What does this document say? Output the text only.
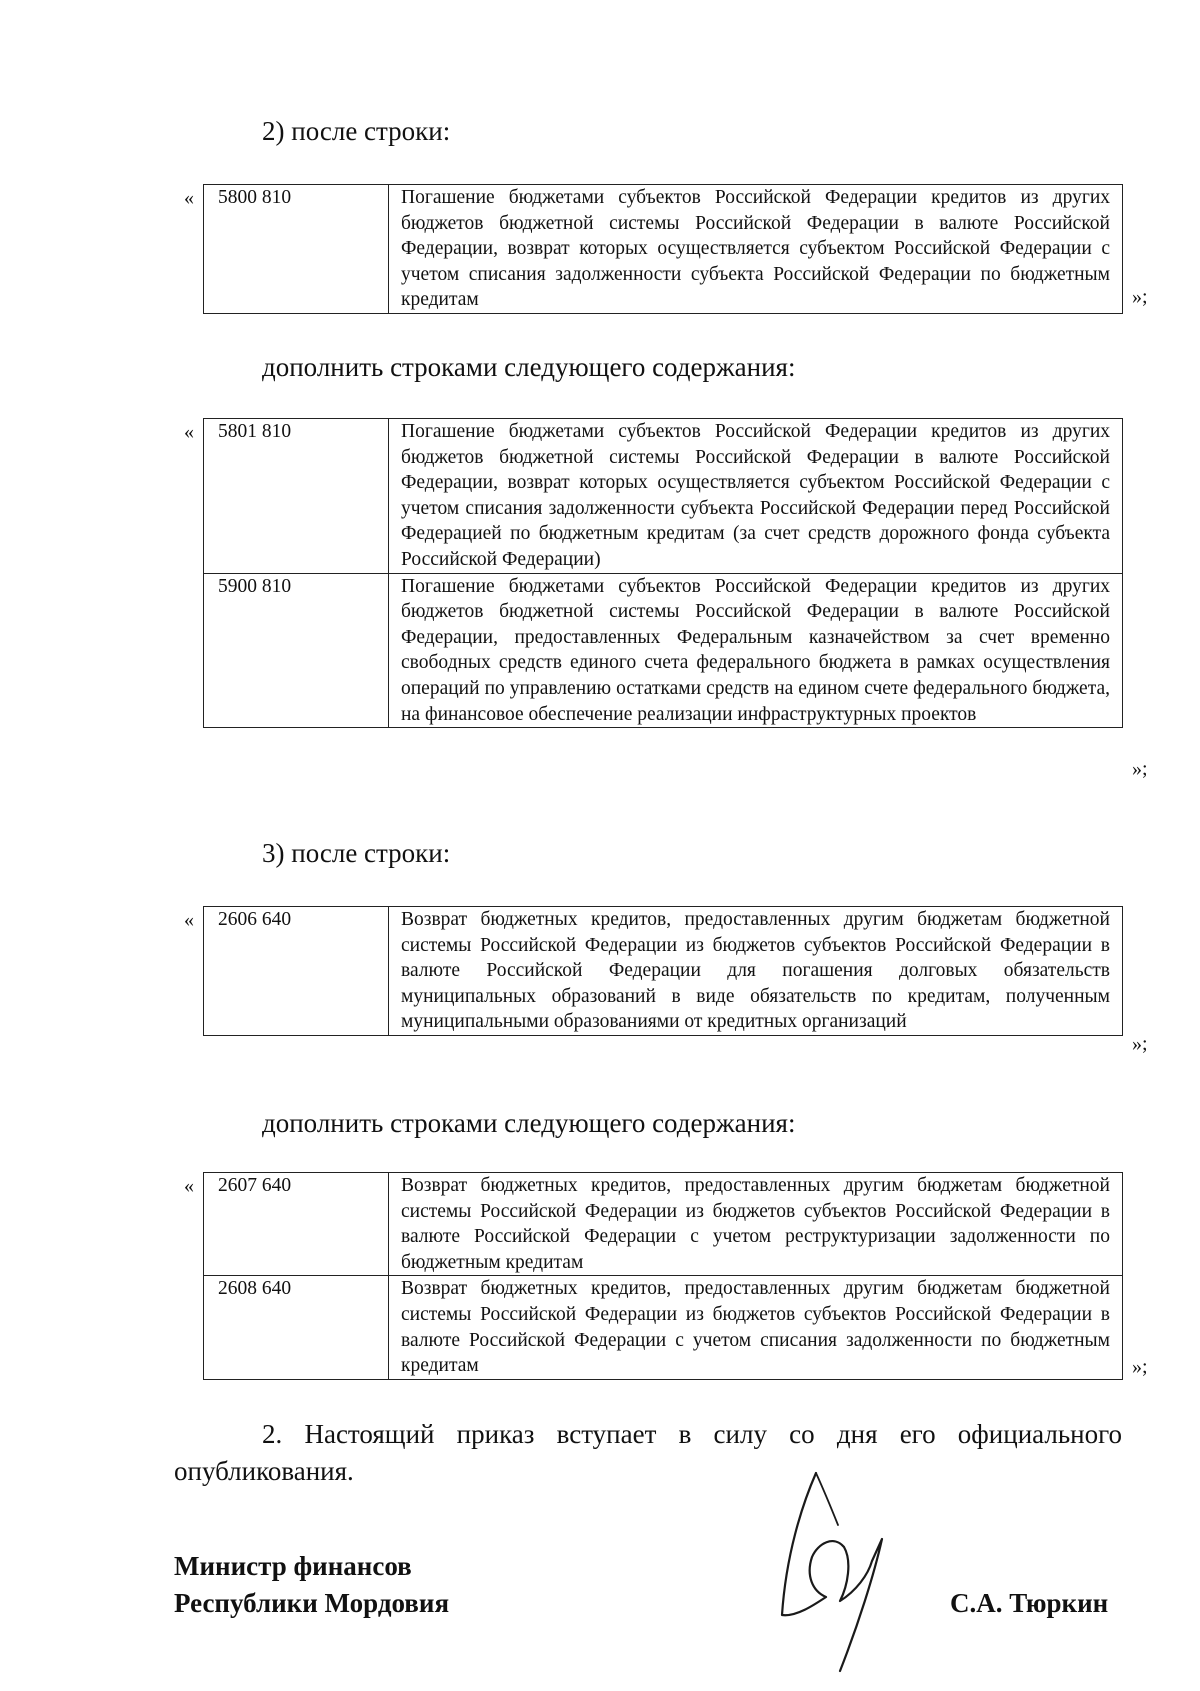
2) после строки:
« 5800 810	Погашение бюджетами субъектов Российской Федерации кредитов из других бюджетов бюджетной системы Российской Федерации в валюте Российской Федерации, возврат которых осуществляется субъектом Российской Федерации с учетом списания задолженности субъекта Российской Федерации по бюджетным кредитам	»;
дополнить строками следующего содержания:
« 5801 810	Погашение бюджетами субъектов Российской Федерации кредитов из других бюджетов бюджетной системы Российской Федерации в валюте Российской Федерации, возврат которых осуществляется субъектом Российской Федерации с учетом списания задолженности субъекта Российской Федерации перед Российской Федерацией по бюджетным кредитам (за счет средств дорожного фонда субъекта Российской Федерации)
5900 810	Погашение бюджетами субъектов Российской Федерации кредитов из других бюджетов бюджетной системы Российской Федерации в валюте Российской Федерации, предоставленных Федеральным казначейством за счет временно свободных средств единого счета федерального бюджета в рамках осуществления операций по управлению остатками средств на едином счете федерального бюджета, на финансовое обеспечение реализации инфраструктурных проектов
»;
3) после строки:
« 2606 640	Возврат бюджетных кредитов, предоставленных другим бюджетам бюджетной системы Российской Федерации из бюджетов субъектов Российской Федерации в валюте Российской Федерации для погашения долговых обязательств муниципальных образований в виде обязательств по кредитам, полученным муниципальными образованиями от кредитных организаций
»;
дополнить строками следующего содержания:
« 2607 640	Возврат бюджетных кредитов, предоставленных другим бюджетам бюджетной системы Российской Федерации из бюджетов субъектов Российской Федерации в валюте Российской Федерации с учетом реструктуризации задолженности по бюджетным кредитам
2608 640	Возврат бюджетных кредитов, предоставленных другим бюджетам бюджетной системы Российской Федерации из бюджетов субъектов Российской Федерации в валюте Российской Федерации с учетом списания задолженности по бюджетным кредитам	»;
2. Настоящий приказ вступает в силу со дня его официального опубликования.
Министр финансов
Республики Мордовия	С.А. Тюркин
